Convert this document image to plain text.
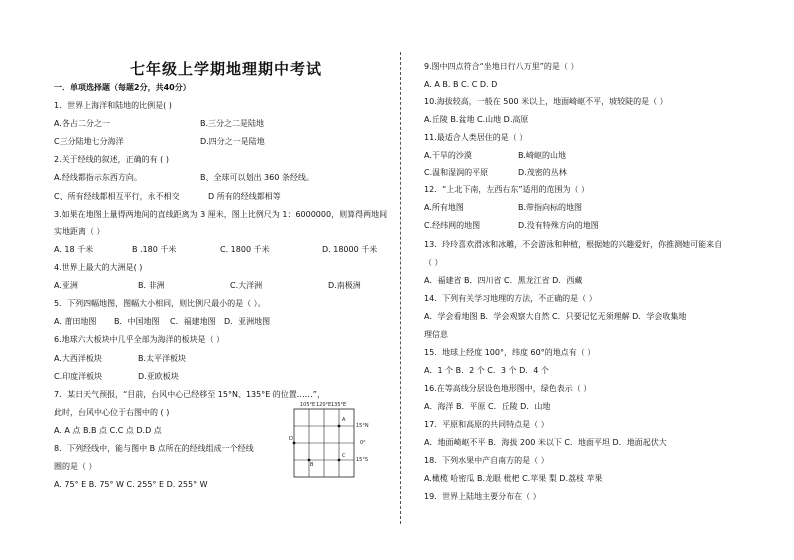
七年级上学期地理期中考试
一．单项选择题（每题2分，共40分）
1．世界上海洋和陆地的比例是( )
A.各占二分之一	B.三分之二是陆地
C三分陆地七分海洋	D.四分之一是陆地
2.关于经线的叙述，正确的有 ( )
A.经线都指示东西方向。	B、全球可以划出 360 条经线。
C、所有经线都相互平行，永不相交	D 所有的经线都相等
3.如果在地图上量得两地间的直线距离为 3 厘米，图上比例尺为 1：6000000，则算得两地间
实地距离（ ）
A. 18 千米	B .180 千米	C. 1800 千米	D. 18000 千米
4.世界上最大的大洲是( )
A.亚洲	B. 非洲	C.大洋洲	D.南极洲
5．下列四幅地图，图幅大小相同，则比例尺最小的是（ ）。
A. 莆田地图 B．中国地图 C．福建地图 D．亚洲地图
6.地球六大板块中几乎全部为海洋的板块是（ ）
A.大西洋板块	B.太平洋板块
C.印度洋板块	D.亚欧板块
7．某日天气预报，“目前，台风中心已经移至 15°N、135°E 的位置……”，
此时，台风中心位于右图中的 ( )
A. A 点 B.B 点 C.C 点 D.D 点
8．下列经线中，能与图中 B 点所在的经线组成一个经线
圈的是（ ）
A. 75° E B. 75° W C. 255° E D. 255° W
105°E 120°E 135°E
15°N
0°
15°S
A
B
C
D
9.图中四点符合“坐地日行八万里”的是（ ）
A. A B. B C. C D. D
10.海拔较高，一般在 500 米以上，地面崎岖不平，坡较陡的是（ ）
A.丘陵 B.盆地 C.山地 D.高原
11.最适合人类居住的是（ ）
A.干旱的沙漠	B.崎岖的山地
C.温和湿润的平原	D.茂密的丛林
12．“上北下南，左西右东”适用的范围为（ ）
A.所有地图	B.带指向标的地图
C.经纬网的地图	D.没有特殊方向的地图
13．玲玲喜欢滑冰和冰雕，不会游泳和种植，根据她的兴趣爱好，你推测她可能来自
（ ）
A．福建省 B．四川省 C．黑龙江省 D．西藏
14．下列有关学习地理的方法，不正确的是（ ）
A．学会看地图 B．学会观察大自然 C．只要记忆无须理解 D．学会收集地
理信息
15．地球上经度 100°，纬度 60°的地点有（ ）
A．1 个 B．2 个 C．3 个 D．4 个
16.在等高线分层设色地形图中，绿色表示（ ）
A．海洋 B．平原 C．丘陵 D．山地
17．平原和高原的共同特点是（ ）
A．地面崎岖不平 B．海拔 200 米以下 C．地面平坦 D．地面起伏大
18．下列水果中产自南方的是（ ）
A.橄榄 哈密瓜 B.龙眼 枇杷 C.苹果 梨 D.荔枝 苹果
19．世界上陆地主要分布在（ ）
